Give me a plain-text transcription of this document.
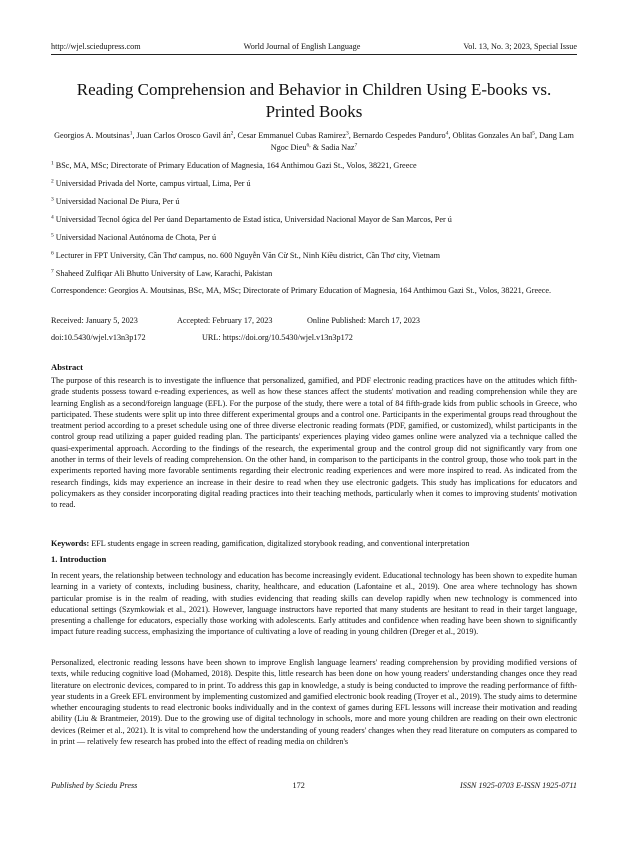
http://wjel.sciedupress.com	World Journal of English Language	Vol. 13, No. 3; 2023, Special Issue
Reading Comprehension and Behavior in Children Using E-books vs. Printed Books
Georgios A. Moutsinas$^1$, Juan Carlos Orosco Gavil $án^2$, Cesar Emmanuel Cubas Ramirez$^3$, Bernardo Cespedes Panduro$^4$, Oblitas Gonzales An bal$^5$, Dang Lam Ngoc Dieu$^{6,}$ & Sadia Naz$^7$
$^1$ BSc, MA, MSc; Directorate of Primary Education of Magnesia, 164 Anthimou Gazi St., Volos, 38221, Greece
$^2$ Universidad Privada del Norte, campus virtual, Lima, Per ú
$^3$ Universidad Nacional De Piura, Per ú
$^4$ Universidad Tecnol ógica del Per úand Departamento de Estad ística, Universidad Nacional Mayor de San Marcos, Per ú
$^5$ Universidad Nacional Autónoma de Chota, Per ú
$^6$ Lecturer in FPT University, Cần Thơ campus, no. 600 Nguyễn Văn Cừ St., Ninh Kiều district, Cần Thơ city, Vietnam
$^7$ Shaheed Zulfiqar Ali Bhutto University of Law, Karachi, Pakistan
Correspondence: Georgios A. Moutsinas, BSc, MA, MSc; Directorate of Primary Education of Magnesia, 164 Anthimou Gazi St., Volos, 38221, Greece.
Received: January 5, 2023	Accepted: February 17, 2023	Online Published: March 17, 2023
doi:10.5430/wjel.v13n3p172	URL: https://doi.org/10.5430/wjel.v13n3p172
Abstract

The purpose of this research is to investigate the influence that personalized, gamified, and PDF electronic reading practices have on the attitudes which fifth-grade students possess toward e-reading experiences, as well as how these stances affect the students' motivation and reading comprehension while they are learning English as a second/foreign language (EFL). For the purpose of the study, there were a total of 84 fifth-grade kids from public schools in Greece, who participated. These students were split up into three different experimental groups and a control one. Participants in the experimental groups read throughout the treatment period according to a preset schedule using one of three diverse electronic reading formats (PDF, gamified, or customized), whilst participants in the control group read utilizing a paper guided reading plan. The participants' experiences playing video games online were analyzed via a technique called the quasi-experimental approach. According to the findings of the research, the experimental group and the control group did not significantly vary from one another in terms of their levels of reading comprehension. On the other hand, in comparison to the participants in the control group, those who took part in the experiments reported having more favorable sentiments regarding their electronic reading experiences and were more inspired to read. As indicated from the research findings, kids may experience an increase in their desire to read when they use electronic gadgets. This study has implications for educators and policymakers as they consider incorporating digital reading practices into their teaching methods, particularly when it comes to improving students' motivation to read.

Keywords: EFL students engage in screen reading, gamification, digitalized storybook reading, and conventional interpretation
1. Introduction

In recent years, the relationship between technology and education has become increasingly evident. Educational technology has been shown to expedite human learning in a variety of contexts, including business, charity, healthcare, and education (Lafontaine et al., 2019). One area where technology has shown particular promise is in the realm of reading, with studies evidencing that reading skills can develop rapidly when new technology is commenced into educational settings (Szymkowiak et al., 2021). However, language instructors have reported that many students are hesitant to read in their target language, presenting a challenge for educators, especially those working with adolescents. Early attitudes and confidence when reading have been shown to significantly impact future reading success, emphasizing the importance of cultivating a love of reading in young children (Dreger et al., 2019).

Personalized, electronic reading lessons have been shown to improve English language learners' reading comprehension by providing modified versions of texts, while reducing cognitive load (Mohamed, 2018). Despite this, little research has been done on how young readers' understanding changes once they read literature on electronic devices, compared to in print. To address this gap in knowledge, a study is being conducted to improve the reading performance of fifth-year students in a Greek EFL environment by implementing customized and gamified electronic book reading (Troyer et al., 2019). The study aims to determine whether encouraging students to read electronic books individually and in the context of games during EFL lessons will increase their motivation and reading ability (Liu & Brantmeier, 2019). Due to the growing use of digital technology in schools, more and more young children are reading on their own electronic devices (Reimer et al., 2021). It is vital to comprehend how the understanding of young readers' changes when they read literature on computers as compared to in print — relatively few research has probed into the effect of reading media on children's

Published by Sciedu Press	172	ISSN 1925-0703 E-ISSN 1925-0711
